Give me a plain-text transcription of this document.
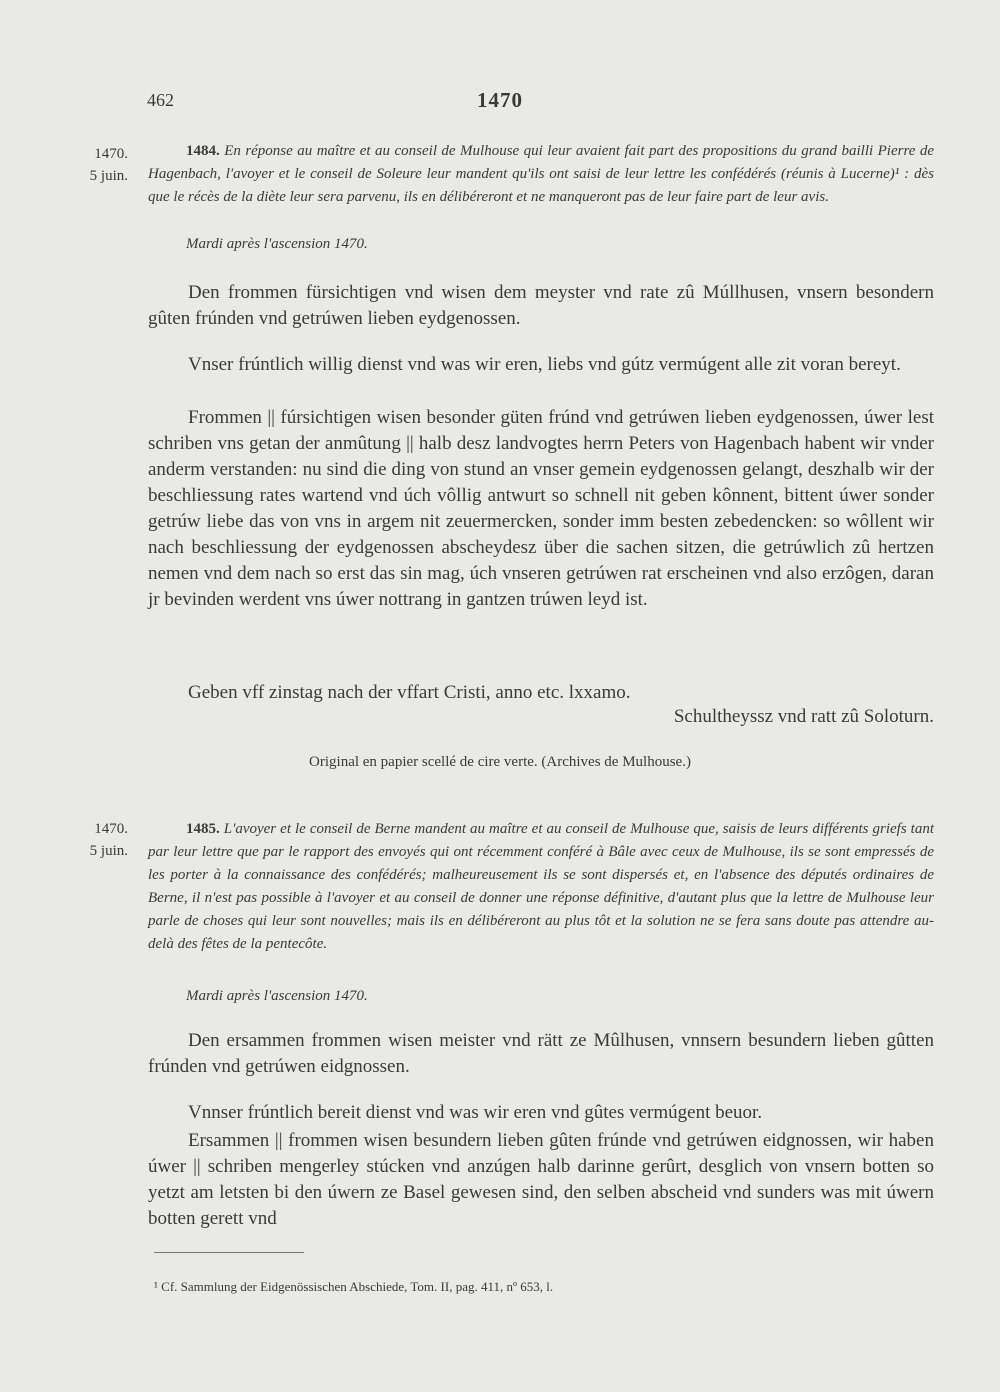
462	1470
1470.
5 juin.
1484. En réponse au maître et au conseil de Mulhouse qui leur avaient fait part des propositions du grand bailli Pierre de Hagenbach, l'avoyer et le conseil de Soleure leur mandent qu'ils ont saisi de leur lettre les confédérés (réunis à Lucerne)¹ : dès que le récès de la diète leur sera parvenu, ils en délibéreront et ne manqueront pas de leur faire part de leur avis.
Mardi après l'ascension 1470.

Den frommen fürsichtigen vnd wisen dem meyster vnd rate zû Múllhusen, vnsern besondern gûten frúnden vnd getrúwen lieben eydgenossen.

Vnser frúntlich willig dienst vnd was wir eren, liebs vnd gútz vermúgent alle zit voran bereyt.

Frommen || fúrsichtigen wisen besonder güten frúnd vnd getrúwen lieben eydgenossen, úwer lest schriben vns getan der anmûtung || halb desz landvogtes herrn Peters von Hagenbach habent wir vnder anderm verstanden: nu sind die ding von stund an vnser gemein eydgenossen gelangt, deszhalb wir der beschliessung rates wartend vnd úch vôllig antwurt so schnell nit geben kônnent, bittent úwer sonder getrúw liebe das von vns in argem nit zeuermercken, sonder imm besten zebedencken: so wôllent wir nach beschliessung der eydgenossen abscheydesz über die sachen sitzen, die getrúwlich zû hertzen nemen vnd dem nach so erst das sin mag, úch vnseren getrúwen rat erscheinen vnd also erzôgen, daran jr bevinden werdent vns úwer nottrang in gantzen trúwen leyd ist.

Geben vff zinstag nach der vffart Cristi, anno etc. lxxamo.

Schultheyssz vnd ratt zû Soloturn.
Original en papier scellé de cire verte. (Archives de Mulhouse.)
1470.
5 juin.
1485. L'avoyer et le conseil de Berne mandent au maître et au conseil de Mulhouse que, saisis de leurs différents griefs tant par leur lettre que par le rapport des envoyés qui ont récemment conféré à Bâle avec ceux de Mulhouse, ils se sont empressés de les porter à la connaissance des confédérés; malheureusement ils se sont dispersés et, en l'absence des députés ordinaires de Berne, il n'est pas possible à l'avoyer et au conseil de donner une réponse définitive, d'autant plus que la lettre de Mulhouse leur parle de choses qui leur sont nouvelles; mais ils en délibéreront au plus tôt et la solution ne se fera sans doute pas attendre au-delà des fêtes de la pentecôte.
Mardi après l'ascension 1470.

Den ersammen frommen wisen meister vnd rätt ze Mûlhusen, vnnsern besundern lieben gûtten frúnden vnd getrúwen eidgnossen.

Vnnser frúntlich bereit dienst vnd was wir eren vnd gûtes vermúgent beuor.

Ersammen || frommen wisen besundern lieben gûten frúnde vnd getrúwen eidgnossen, wir haben úwer || schriben mengerley stúcken vnd anzúgen halb darinne gerûrt, desglich von vnsern botten so yetzt am letsten bi den úwern ze Basel gewesen sind, den selben abscheid vnd sunders was mit úwern botten gerett vnd

¹ Cf. Sammlung der Eidgenössischen Abschiede, Tom. II, pag. 411, nº 653, l.
